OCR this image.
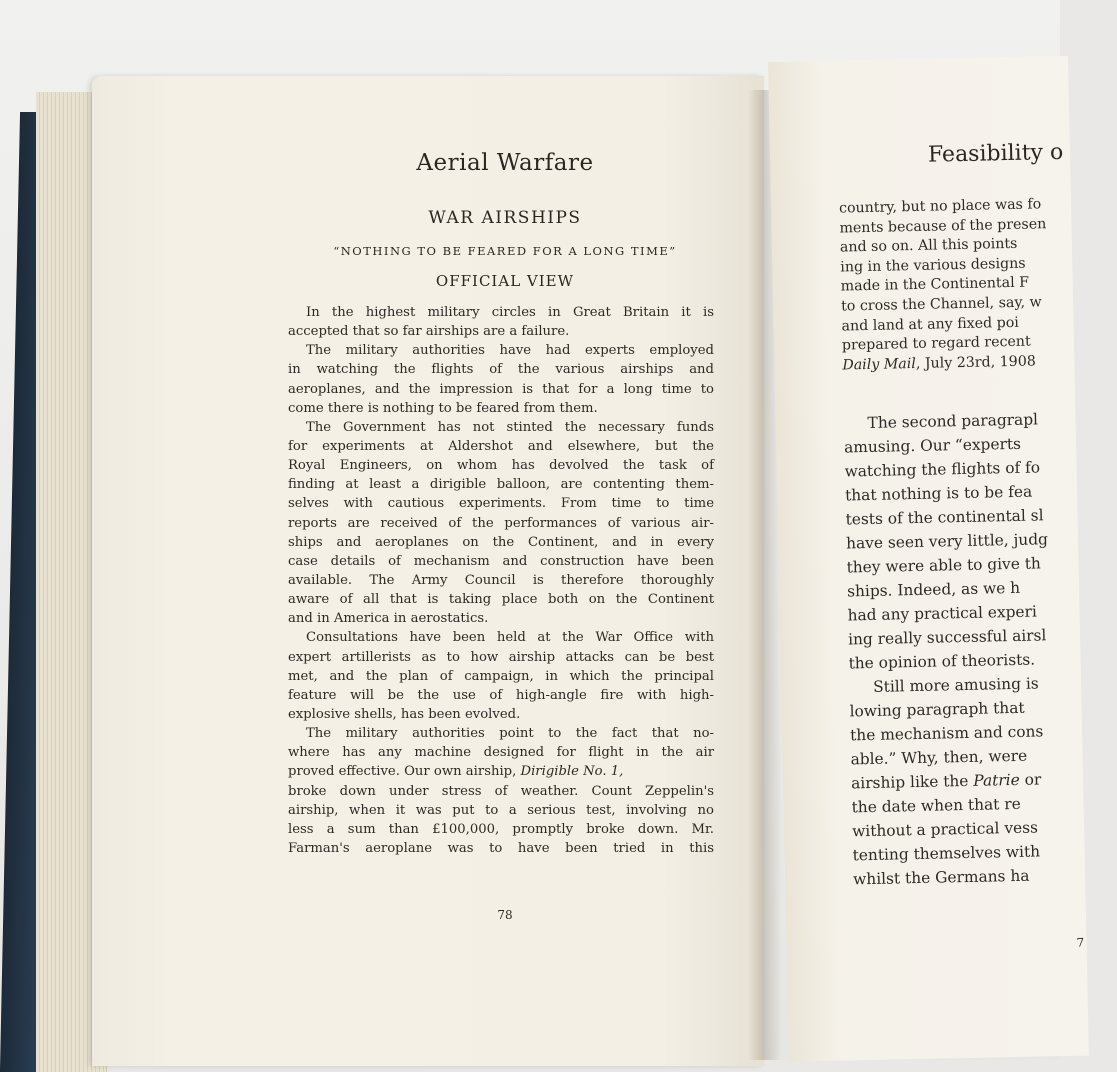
Aerial Warfare
WAR AIRSHIPS
“NOTHING TO BE FEARED FOR A LONG TIME”
OFFICIAL VIEW
In the highest military circles in Great Britain it is
accepted that so far airships are a failure.
The military authorities have had experts employed
in watching the flights of the various airships and
aeroplanes, and the impression is that for a long time to
come there is nothing to be feared from them.
The Government has not stinted the necessary funds
for experiments at Aldershot and elsewhere, but the
Royal Engineers, on whom has devolved the task of
finding at least a dirigible balloon, are contenting them-
selves with cautious experiments. From time to time
reports are received of the performances of various air-
ships and aeroplanes on the Continent, and in every
case details of mechanism and construction have been
available. The Army Council is therefore thoroughly
aware of all that is taking place both on the Continent
and in America in aerostatics.
Consultations have been held at the War Office with
expert artillerists as to how airship attacks can be best
met, and the plan of campaign, in which the principal
feature will be the use of high-angle fire with high-
explosive shells, has been evolved.
The military authorities point to the fact that no-
where has any machine designed for flight in the air
proved effective. Our own airship, Dirigible No. 1,
broke down under stress of weather. Count Zeppelin's
airship, when it was put to a serious test, involving no
less a sum than £100,000, promptly broke down. Mr.
Farman's aeroplane was to have been tried in this
78
Feasibility o
country, but no place was fo
ments because of the presen
and so on. All this points
ing in the various designs
made in the Continental F
to cross the Channel, say, w
and land at any fixed poi
prepared to regard recent
Daily Mail, July 23rd, 1908
The second paragrapl
amusing. Our “experts
watching the flights of fo
that nothing is to be fea
tests of the continental sl
have seen very little, judg
they were able to give th
ships. Indeed, as we h
had any practical experi
ing really successful airsl
the opinion of theorists.
Still more amusing is
lowing paragraph that
the mechanism and cons
able.” Why, then, were
airship like the Patrie or
the date when that re
without a practical vess
tenting themselves with
whilst the Germans ha
7
